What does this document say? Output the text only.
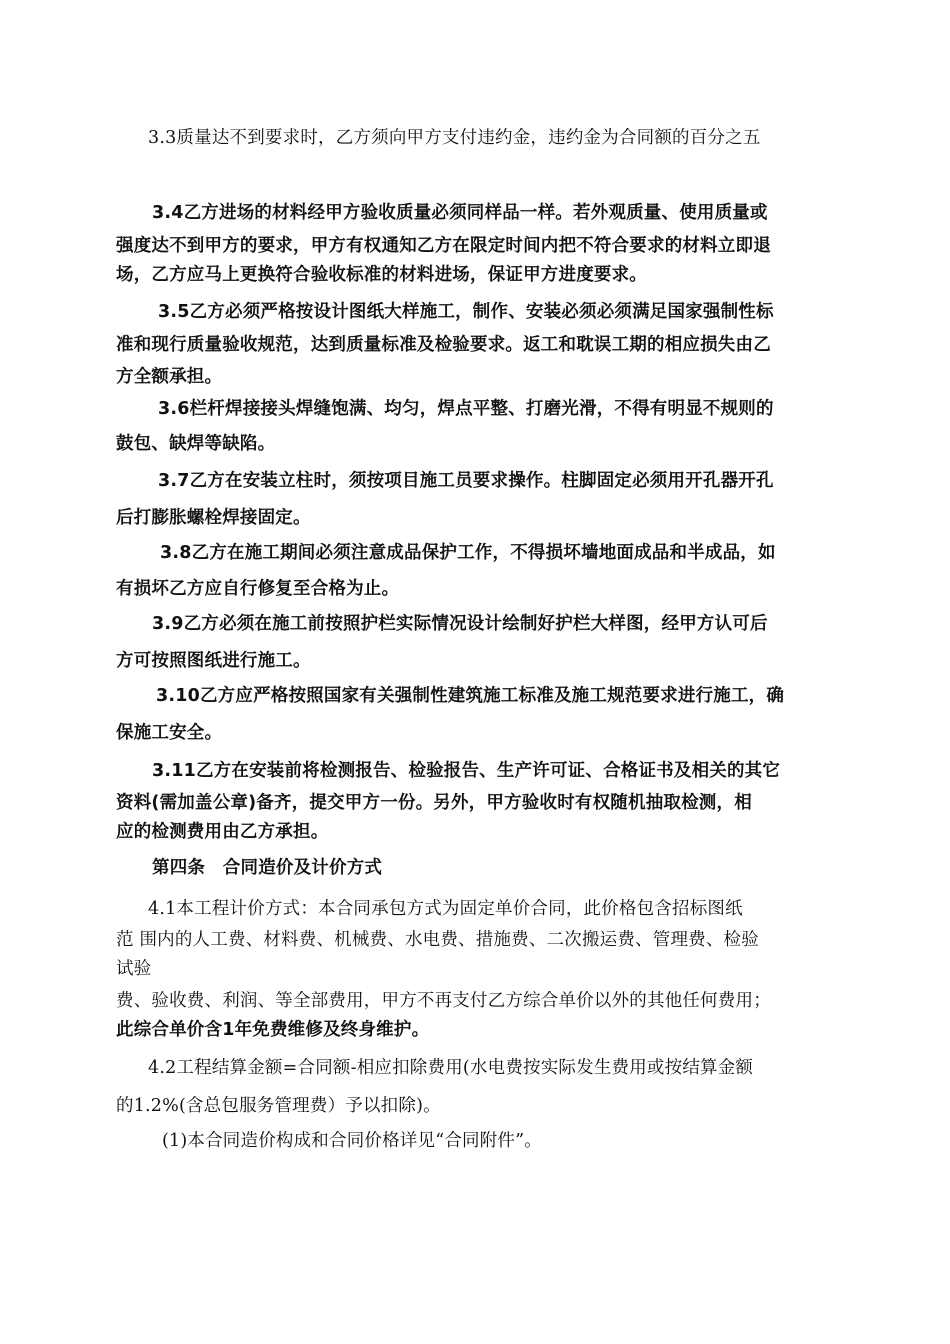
3.3质量达不到要求时，乙方须向甲方支付违约金，违约金为合同额的百分之五
3.4乙方进场的材料经甲方验收质量必须同样品一样。若外观质量、使用质量或
强度达不到甲方的要求，甲方有权通知乙方在限定时间内把不符合要求的材料立即退
场，乙方应马上更换符合验收标准的材料进场，保证甲方进度要求。
3.5乙方必须严格按设计图纸大样施工，制作、安装必须必须满足国家强制性标
准和现行质量验收规范，达到质量标准及检验要求。返工和耽误工期的相应损失由乙
方全额承担。
3.6栏杆焊接接头焊缝饱满、均匀，焊点平整、打磨光滑，不得有明显不规则的
鼓包、缺焊等缺陷。
3.7乙方在安装立柱时，须按项目施工员要求操作。柱脚固定必须用开孔器开孔
后打膨胀螺栓焊接固定。
3.8乙方在施工期间必须注意成品保护工作，不得损坏墙地面成品和半成品，如
有损坏乙方应自行修复至合格为止。
3.9乙方必须在施工前按照护栏实际情况设计绘制好护栏大样图，经甲方认可后
方可按照图纸进行施工。
3.10乙方应严格按照国家有关强制性建筑施工标准及施工规范要求进行施工，确
保施工安全。
3.11乙方在安装前将检测报告、检验报告、生产许可证、合格证书及相关的其它
资料(需加盖公章)备齐，提交甲方一份。另外，甲方验收时有权随机抽取检测，相
应的检测费用由乙方承担。
第四条　合同造价及计价方式
4.1本工程计价方式：本合同承包方式为固定单价合同，此价格包含招标图纸
范 围内的人工费、材料费、机械费、水电费、措施费、二次搬运费、管理费、检验
试验
费、验收费、利润、等全部费用，甲方不再支付乙方综合单价以外的其他任何费用；
此综合单价含1年免费维修及终身维护。
4.2工程结算金额=合同额-相应扣除费用(水电费按实际发生费用或按结算金额
的1.2%(含总包服务管理费）予以扣除)。
(1)本合同造价构成和合同价格详见“合同附件”。
